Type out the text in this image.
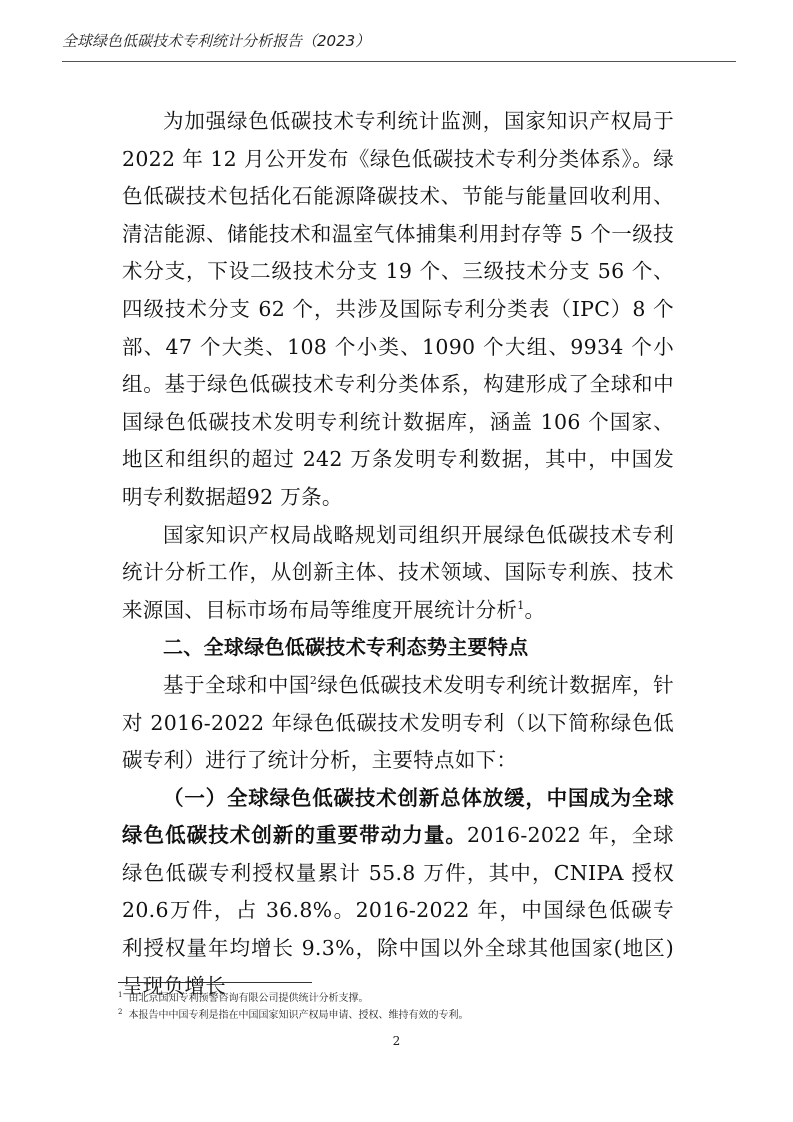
全球绿色低碳技术专利统计分析报告（2023）

为加强绿色低碳技术专利统计监测，国家知识产权局于2022 年 12 月公开发布《绿色低碳技术专利分类体系》。绿色低碳技术包括化石能源降碳技术、节能与能量回收利用、清洁能源、储能技术和温室气体捕集利用封存等 5 个一级技术分支，下设二级技术分支 19 个、三级技术分支 56 个、四级技术分支 62 个，共涉及国际专利分类表（IPC）8 个部、47 个大类、108 个小类、1090 个大组、9934 个小组。基于绿色低碳技术专利分类体系，构建形成了全球和中国绿色低碳技术发明专利统计数据库，涵盖 106 个国家、地区和组织的超过 242 万条发明专利数据，其中，中国发明专利数据超92 万条。

国家知识产权局战略规划司组织开展绿色低碳技术专利统计分析工作，从创新主体、技术领域、国际专利族、技术来源国、目标市场布局等维度开展统计分析$^1$。

二、全球绿色低碳技术专利态势主要特点

基于全球和中国$^2$绿色低碳技术发明专利统计数据库，针对 2016-2022 年绿色低碳技术发明专利（以下简称绿色低碳专利）进行了统计分析，主要特点如下：

（一）全球绿色低碳技术创新总体放缓，中国成为全球绿色低碳技术创新的重要带动力量。2016-2022 年，全球绿色低碳专利授权量累计 55.8 万件，其中，CNIPA 授权 20.6万件，占 36.8%。2016-2022 年，中国绿色低碳专利授权量年均增长 9.3%，除中国以外全球其他国家(地区)呈现负增长

$^1$ 由北京国知专利预警咨询有限公司提供统计分析支撑。

$^2$ 本报告中中国专利是指在中国国家知识产权局申请、授权、维持有效的专利。

2
